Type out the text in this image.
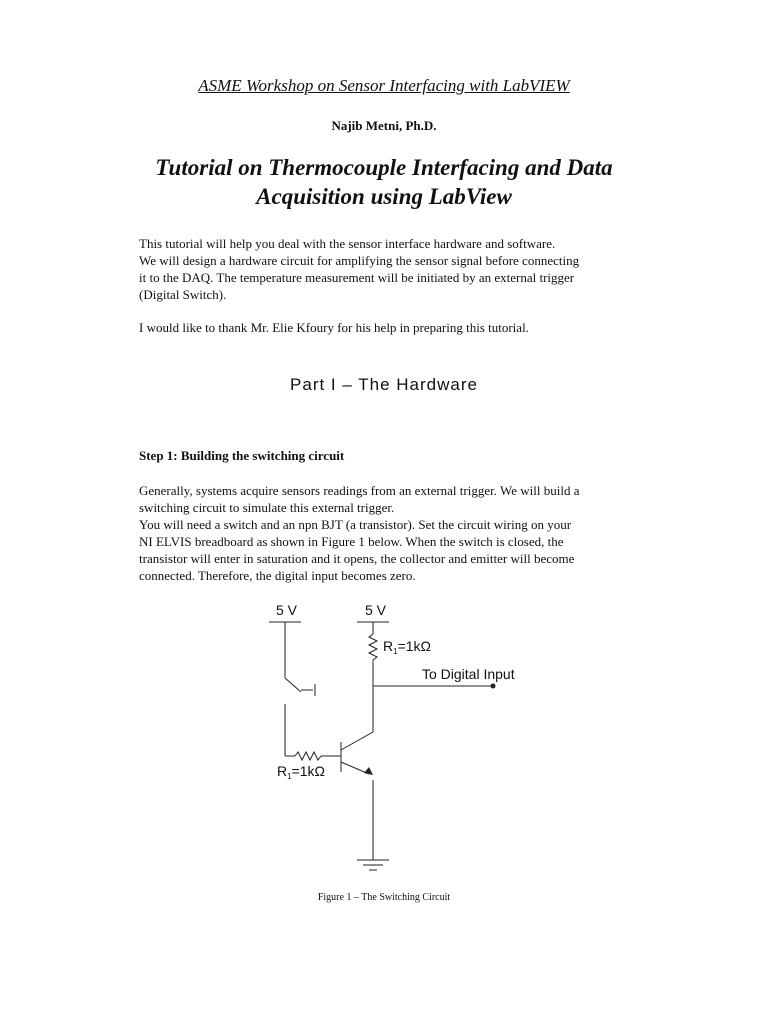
ASME Workshop on Sensor Interfacing with LabVIEW
Najib Metni, Ph.D.
Tutorial on Thermocouple Interfacing and Data
Acquisition using LabView
This tutorial will help you deal with the sensor interface hardware and software.
We will design a hardware circuit for amplifying the sensor signal before connecting
it to the DAQ. The temperature measurement will be initiated by an external trigger
(Digital Switch).
I would like to thank Mr. Elie Kfoury for his help in preparing this tutorial.
Part I – The Hardware
Step 1: Building the switching circuit
Generally, systems acquire sensors readings from an external trigger. We will build a
switching circuit to simulate this external trigger.
You will need a switch and an npn BJT (a transistor). Set the circuit wiring on your
NI ELVIS breadboard as shown in Figure 1 below. When the switch is closed, the
transistor will enter in saturation and it opens, the collector and emitter will become
connected. Therefore, the digital input becomes zero.
5 V	5 V
R1=1kΩ
To Digital Input
R1=1kΩ
Figure 1 – The Switching Circuit
